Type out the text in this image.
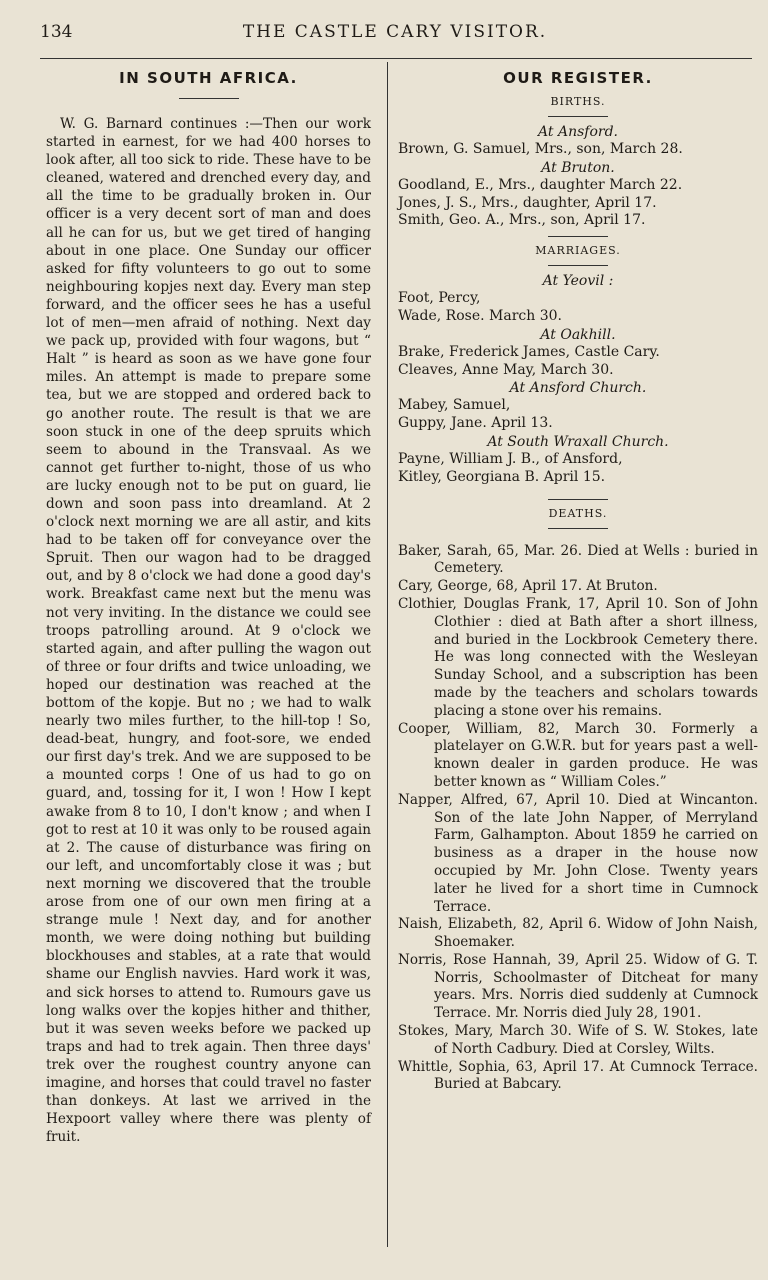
134	THE CASTLE CARY VISITOR.
IN SOUTH AFRICA.

W. G. Barnard continues :—Then our work started in earnest, for we had 400 horses to look after, all too sick to ride. These have to be cleaned, watered and drenched every day, and all the time to be gradually broken in. Our officer is a very decent sort of man and does all he can for us, but we get tired of hanging about in one place. One Sunday our officer asked for fifty volunteers to go out to some neighbouring kopjes next day. Every man step forward, and the officer sees he has a useful lot of men—men afraid of nothing. Next day we pack up, provided with four wagons, but “ Halt ” is heard as soon as we have gone four miles. An attempt is made to prepare some tea, but we are stopped and ordered back to go another route. The result is that we are soon stuck in one of the deep spruits which seem to abound in the Transvaal. As we cannot get further to-night, those of us who are lucky enough not to be put on guard, lie down and soon pass into dreamland. At 2 o'clock next morning we are all astir, and kits had to be taken off for conveyance over the Spruit. Then our wagon had to be dragged out, and by 8 o'clock we had done a good day's work. Breakfast came next but the menu was not very inviting. In the distance we could see troops patrolling around. At 9 o'clock we started again, and after pulling the wagon out of three or four drifts and twice unloading, we hoped our destination was reached at the bottom of the kopje. But no ; we had to walk nearly two miles further, to the hill-top ! So, dead-beat, hungry, and foot-sore, we ended our first day's trek. And we are supposed to be a mounted corps ! One of us had to go on guard, and, tossing for it, I won ! How I kept awake from 8 to 10, I don't know ; and when I got to rest at 10 it was only to be roused again at 2. The cause of disturbance was firing on our left, and uncomfortably close it was ; but next morning we discovered that the trouble arose from one of our own men firing at a strange mule ! Next day, and for another month, we were doing nothing but building blockhouses and stables, at a rate that would shame our English navvies. Hard work it was, and sick horses to attend to. Rumours gave us long walks over the kopjes hither and thither, but it was seven weeks before we packed up traps and had to trek again. Then three days' trek over the roughest country anyone can imagine, and horses that could travel no faster than donkeys. At last we arrived in the Hexpoort valley where there was plenty of fruit.

OUR REGISTER.
BIRTHS.
At Ansford.
Brown, G. Samuel, Mrs., son, March 28.
At Bruton.
Goodland, E., Mrs., daughter March 22.
Jones, J. S., Mrs., daughter, April 17.
Smith, Geo. A., Mrs., son, April 17.
MARRIAGES.
At Yeovil :
Foot, Percy,
Wade, Rose. March 30.
At Oakhill.
Brake, Frederick James, Castle Cary.
Cleaves, Anne May, March 30.
At Ansford Church.
Mabey, Samuel,
Guppy, Jane. April 13.
At South Wraxall Church.
Payne, William J. B., of Ansford,
Kitley, Georgiana B. April 15.
DEATHS.

Baker, Sarah, 65, Mar. 26. Died at Wells : buried in Cemetery.

Cary, George, 68, April 17. At Bruton.

Clothier, Douglas Frank, 17, April 10. Son of John Clothier : died at Bath after a short illness, and buried in the Lockbrook Cemetery there. He was long connected with the Wesleyan Sunday School, and a subscription has been made by the teachers and scholars towards placing a stone over his remains.

Cooper, William, 82, March 30. Formerly a platelayer on G.W.R. but for years past a well-known dealer in garden produce. He was better known as “ William Coles.”

Napper, Alfred, 67, April 10. Died at Wincanton. Son of the late John Napper, of Merryland Farm, Galhampton. About 1859 he carried on business as a draper in the house now occupied by Mr. John Close. Twenty years later he lived for a short time in Cumnock Terrace.

Naish, Elizabeth, 82, April 6. Widow of John Naish, Shoemaker.

Norris, Rose Hannah, 39, April 25. Widow of G. T. Norris, Schoolmaster of Ditcheat for many years. Mrs. Norris died suddenly at Cumnock Terrace. Mr. Norris died July 28, 1901.

Stokes, Mary, March 30. Wife of S. W. Stokes, late of North Cadbury. Died at Corsley, Wilts.

Whittle, Sophia, 63, April 17. At Cumnock Terrace. Buried at Babcary.
